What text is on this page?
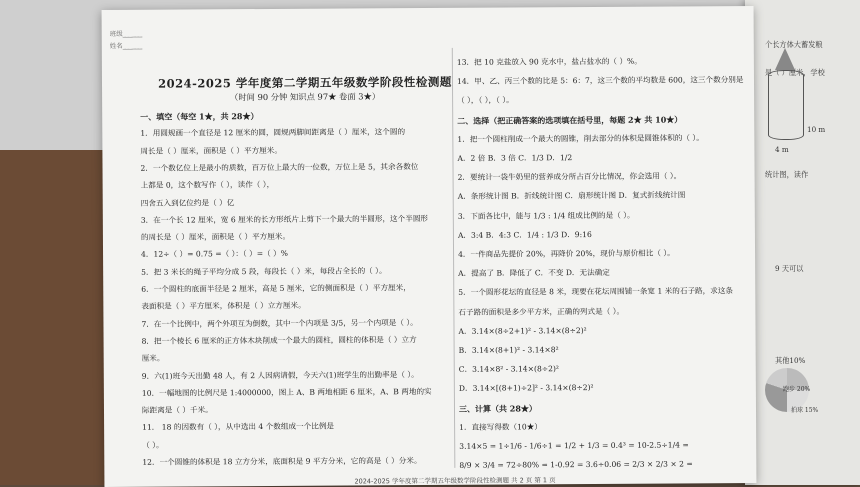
个长方体大蓄发粮
是（ ）厘米，学校
10 m
4 m
统计图，读作
9 天可以
其他10%
跑步 20%
拍球 15%
班级______
姓名______
2024-2025 学年度第二学期五年级数学阶段性检测题
（时间 90 分钟 知识点 97★ 卷面 3★）
一、填空（每空 1★，共 28★）
1．用圆规画一个直径是 12 厘米的圆，圆规两脚间距离是（ ）厘米，这个圆的
周长是（ ）厘米，面积是（ ）平方厘米。
2．一个数亿位上是最小的质数，百万位上最大的一位数，万位上是 5，其余各数位
上都是 0，这个数写作（ ），读作（ ），
四舍五入到亿位约是（ ）亿
3．在一个长 12 厘米，宽 6 厘米的长方形纸片上剪下一个最大的半圆形，这个半圆形
的周长是（ ）厘米，面积是（ ）平方厘米。
4．12÷（ ）= 0.75 =（ ）：（ ）=（ ）%
5．把 3 米长的绳子平均分成 5 段，每段长（ ）米，每段占全长的（ ）。
6．一个圆柱的底面半径是 2 厘米，高是 5 厘米，它的侧面积是（ ）平方厘米，
表面积是（ ）平方厘米，体积是（ ）立方厘米。
7．在一个比例中，两个外项互为倒数，其中一个内项是 3/5，另一个内项是（ ）。
8．把一个棱长 6 厘米的正方体木块削成一个最大的圆柱，圆柱的体积是（ ）立方
厘米。
9．六(1)班今天出勤 48 人，有 2 人因病请假，今天六(1)班学生的出勤率是（ ）。
10．一幅地图的比例尺是 1:4000000，图上 A、B 两地相距 6 厘米，A、B 两地的实
际距离是（ ）千米。
11． 18 的因数有（ ），从中选出 4 个数组成一个比例是
（ ）。
12．一个圆锥的体积是 18 立方分米，底面积是 9 平方分米，它的高是（ ）分米。
13．把 10 克盐放入 90 克水中，盐占盐水的（ ）%。
14．甲、乙、丙三个数的比是 5：6：7，这三个数的平均数是 600，这三个数分别是
（ ），（ ），（ ）。
二、选择（把正确答案的选项填在括号里，每题 2★ 共 10★）
1．把一个圆柱削成一个最大的圆锥，削去部分的体积是圆锥体积的（ ）。
A．2 倍 B．3 倍 C．1/3 D．1/2
2．要统计一袋牛奶里的营养成分所占百分比情况，你会选用（ ）。
A．条形统计图 B．折线统计图 C．扇形统计图 D．复式折线统计图
3．下面各比中，能与 1/3 : 1/4 组成比例的是（ ）。
A．3:4 B．4:3 C．1/4 : 1/3 D．9:16
4．一件商品先提价 20%，再降价 20%，现价与原价相比（ ）。
A．提高了 B．降低了 C．不变 D．无法确定
5．一个圆形花坛的直径是 8 米，现要在花坛周围铺一条宽 1 米的石子路，求这条
石子路的面积是多少平方米，正确的列式是（ ）。
A．3.14×(8÷2+1)² - 3.14×(8÷2)²
B．3.14×(8+1)² - 3.14×8²
C．3.14×8² - 3.14×(8÷2)²
D．3.14×[(8+1)÷2]² - 3.14×(8÷2)²
三、计算（共 28★）
1．直接写得数（10★）
3.14×5 = 1÷1/6 - 1/6÷1 = 1/2 + 1/3 = 0.4³ = 10-2.5÷1/4 =
8/9 × 3/4 = 72÷80% = 1-0.92 = 3.6÷0.06 = 2/3 × 2/3 × 2 =
2024-2025 学年度第二学期五年级数学阶段性检测题 共 2 页 第 1 页
